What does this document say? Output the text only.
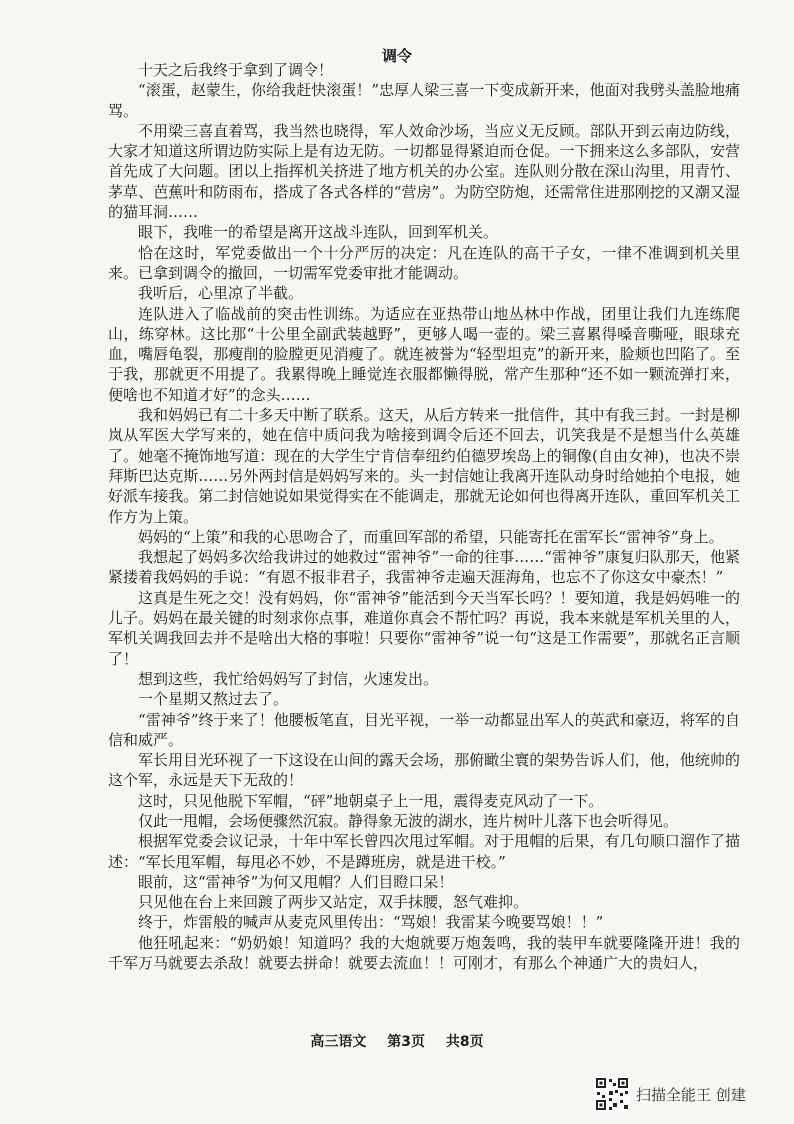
调令

十天之后我终于拿到了调令！

“滚蛋，赵蒙生，你给我赶快滚蛋！”忠厚人梁三喜一下变成新开来，他面对我劈头盖脸地痛骂。

不用梁三喜直着骂，我当然也晓得，军人效命沙场，当应义无反顾。部队开到云南边防线，大家才知道这所谓边防实际上是有边无防。一切都显得紧迫而仓促。一下拥来这么多部队，安营首先成了大问题。团以上指挥机关挤进了地方机关的办公室。连队则分散在深山沟里，用青竹、茅草、芭蕉叶和防雨布，搭成了各式各样的“营房”。为防空防炮，还需常住进那刚挖的又潮又湿的猫耳洞……

眼下，我唯一的希望是离开这战斗连队，回到军机关。

恰在这时，军党委做出一个十分严厉的决定：凡在连队的高干子女，一律不准调到机关里来。已拿到调令的撤回，一切需军党委审批才能调动。

我听后，心里凉了半截。

连队进入了临战前的突击性训练。为适应在亚热带山地丛林中作战，团里让我们九连练爬山，练穿林。这比那“十公里全副武装越野”，更够人喝一壶的。梁三喜累得嗓音嘶哑，眼球充血，嘴唇龟裂，那瘦削的脸膛更见消瘦了。就连被誉为“轻型坦克”的新开来，脸颊也凹陷了。至于我，那就更不用提了。我累得晚上睡觉连衣服都懒得脱，常产生那种“还不如一颗流弹打来，便啥也不知道才好”的念头……

我和妈妈已有二十多天中断了联系。这天，从后方转来一批信件，其中有我三封。一封是柳岚从军医大学写来的，她在信中质问我为啥接到调令后还不回去，讥笑我是不是想当什么英雄了。她毫不掩饰地写道：现在的大学生宁肯信奉纽约伯德罗埃岛上的铜像(自由女神)，也决不崇拜斯巴达克斯……另外两封信是妈妈写来的。头一封信她让我离开连队动身时给她拍个电报，她好派车接我。第二封信她说如果觉得实在不能调走，那就无论如何也得离开连队，重回军机关工作方为上策。

妈妈的“上策”和我的心思吻合了，而重回军部的希望，只能寄托在雷军长“雷神爷”身上。

我想起了妈妈多次给我讲过的她救过“雷神爷”一命的往事……“雷神爷”康复归队那天，他紧紧搂着我妈妈的手说：“有恩不报非君子，我雷神爷走遍天涯海角，也忘不了你这女中豪杰！”

这真是生死之交！没有妈妈，你“雷神爷”能活到今天当军长吗？！要知道，我是妈妈唯一的儿子。妈妈在最关键的时刻求你点事，难道你真会不帮忙吗？再说，我本来就是军机关里的人，军机关调我回去并不是啥出大格的事啦！只要你“雷神爷”说一句“这是工作需要”，那就名正言顺了！

想到这些，我忙给妈妈写了封信，火速发出。

一个星期又熬过去了。

“雷神爷”终于来了！他腰板笔直，目光平视，一举一动都显出军人的英武和豪迈，将军的自信和威严。

军长用目光环视了一下这设在山间的露天会场，那俯瞰尘寰的架势告诉人们，他，他统帅的这个军，永远是天下无敌的！

这时，只见他脱下军帽，“砰”地朝桌子上一甩，震得麦克风动了一下。

仅此一甩帽，会场便骤然沉寂。静得象无波的湖水，连片树叶儿落下也会听得见。

根据军党委会议记录，十年中军长曾四次甩过军帽。对于甩帽的后果，有几句顺口溜作了描述：“军长甩军帽，每甩必不妙，不是蹲班房，就是进干校。”

眼前，这“雷神爷”为何又甩帽？人们目瞪口呆！

只见他在台上来回踱了两步又站定，双手抹腰，怒气难抑。

终于，炸雷般的喊声从麦克风里传出：“骂娘！我雷某今晚要骂娘！！”

他狂吼起来：“奶奶娘！知道吗？我的大炮就要万炮轰鸣，我的装甲车就要隆隆开进！我的千军万马就要去杀敌！就要去拼命！就要去流血！！可刚才，有那么个神通广大的贵妇人，

高三语文 第3页 共8页
扫描全能王 创建
